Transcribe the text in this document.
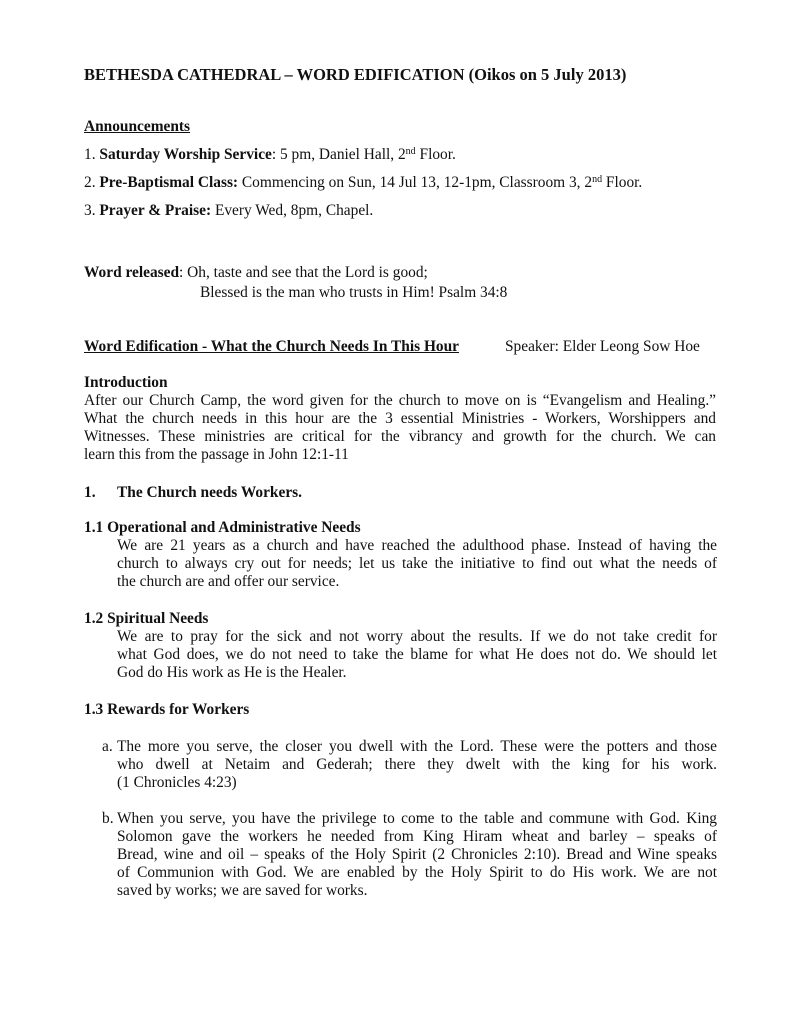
BETHESDA CATHEDRAL – WORD EDIFICATION (Oikos on 5 July 2013)
Announcements
1. Saturday Worship Service: 5 pm, Daniel Hall, 2nd Floor.
2. Pre-Baptismal Class: Commencing on Sun, 14 Jul 13, 12-1pm, Classroom 3, 2nd Floor.
3. Prayer & Praise: Every Wed, 8pm, Chapel.
Word released: Oh, taste and see that the Lord is good;
Blessed is the man who trusts in Him! Psalm 34:8
Word Edification - What the Church Needs In This Hour	Speaker: Elder Leong Sow Hoe
Introduction
After our Church Camp, the word given for the church to move on is “Evangelism and Healing.”
What the church needs in this hour are the 3 essential Ministries - Workers, Worshippers and
Witnesses. These ministries are critical for the vibrancy and growth for the church. We can
learn this from the passage in John 12:1-11
1. The Church needs Workers.
1.1 Operational and Administrative Needs
We are 21 years as a church and have reached the adulthood phase. Instead of having the
church to always cry out for needs; let us take the initiative to find out what the needs of
the church are and offer our service.
1.2 Spiritual Needs
We are to pray for the sick and not worry about the results. If we do not take credit for
what God does, we do not need to take the blame for what He does not do. We should let
God do His work as He is the Healer.
1.3 Rewards for Workers
a. The more you serve, the closer you dwell with the Lord. These were the potters and those
who dwell at Netaim and Gederah; there they dwelt with the king for his work.
(1 Chronicles 4:23)
b. When you serve, you have the privilege to come to the table and commune with God. King
Solomon gave the workers he needed from King Hiram wheat and barley – speaks of
Bread, wine and oil – speaks of the Holy Spirit (2 Chronicles 2:10). Bread and Wine speaks
of Communion with God. We are enabled by the Holy Spirit to do His work. We are not
saved by works; we are saved for works.
